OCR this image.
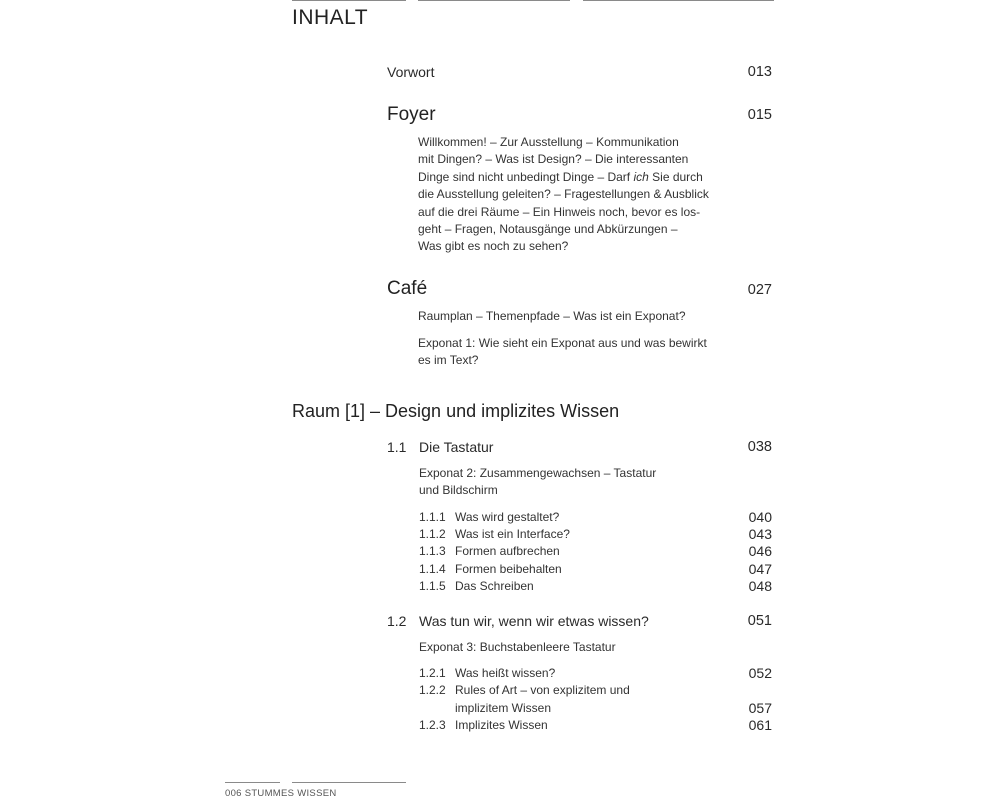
INHALT
Vorwort	013
Foyer	015
Willkommen! – Zur Ausstellung – Kommunikation
mit Dingen? – Was ist Design? – Die interessanten
Dinge sind nicht unbedingt Dinge – Darf ich Sie durch
die Ausstellung geleiten? – Fragestellungen & Ausblick
auf die drei Räume – Ein Hinweis noch, bevor es los-
geht – Fragen, Notausgänge und Abkürzungen –
Was gibt es noch zu sehen?
Café	027
Raumplan – Themenpfade – Was ist ein Exponat?
Exponat 1: Wie sieht ein Exponat aus und was bewirkt
es im Text?
Raum [1] – Design und implizites Wissen
1.1 Die Tastatur	038
Exponat 2: Zusammengewachsen – Tastatur
und Bildschirm
1.1.1 Was wird gestaltet?	040
1.1.2 Was ist ein Interface?	043
1.1.3 Formen aufbrechen	046
1.1.4 Formen beibehalten	047
1.1.5 Das Schreiben	048
1.2 Was tun wir, wenn wir etwas wissen?	051
Exponat 3: Buchstabenleere Tastatur
1.2.1 Was heißt wissen?	052
1.2.2 Rules of Art – von explizitem und
implizitem Wissen	057
1.2.3 Implizites Wissen	061
006 STUMMES WISSEN
